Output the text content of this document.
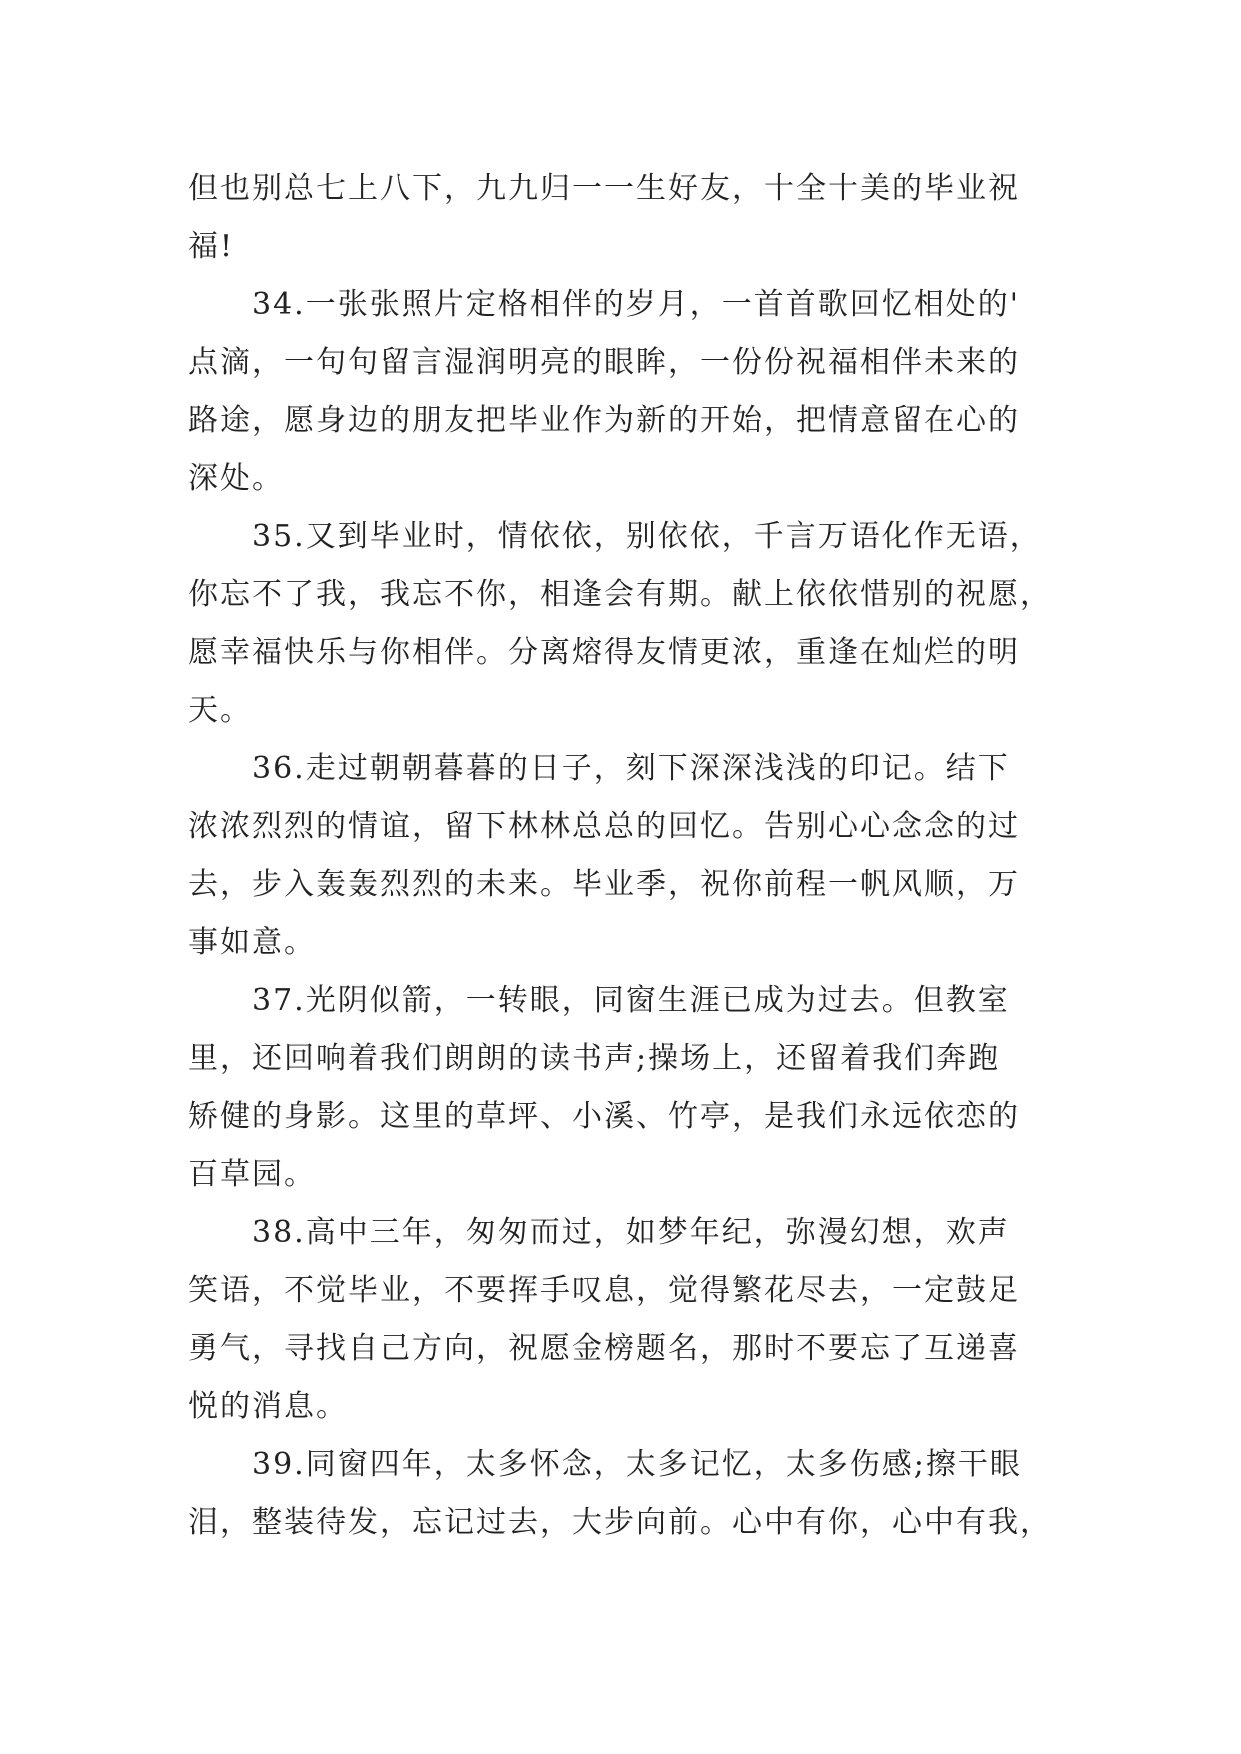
但也别总七上八下，九九归一一生好友，十全十美的毕业祝
福!
34.一张张照片定格相伴的岁月，一首首歌回忆相处的'
点滴，一句句留言湿润明亮的眼眸，一份份祝福相伴未来的
路途，愿身边的朋友把毕业作为新的开始，把情意留在心的
深处。
35.又到毕业时，情依依，别依依，千言万语化作无语，
你忘不了我，我忘不你，相逢会有期。献上依依惜别的祝愿，
愿幸福快乐与你相伴。分离熔得友情更浓，重逢在灿烂的明
天。
36.走过朝朝暮暮的日子，刻下深深浅浅的印记。结下
浓浓烈烈的情谊，留下林林总总的回忆。告别心心念念的过
去，步入轰轰烈烈的未来。毕业季，祝你前程一帆风顺，万
事如意。
37.光阴似箭，一转眼，同窗生涯已成为过去。但教室
里，还回响着我们朗朗的读书声;操场上，还留着我们奔跑
矫健的身影。这里的草坪、小溪、竹亭，是我们永远依恋的
百草园。
38.高中三年，匆匆而过，如梦年纪，弥漫幻想，欢声
笑语，不觉毕业，不要挥手叹息，觉得繁花尽去，一定鼓足
勇气，寻找自己方向，祝愿金榜题名，那时不要忘了互递喜
悦的消息。
39.同窗四年，太多怀念，太多记忆，太多伤感;擦干眼
泪，整装待发，忘记过去，大步向前。心中有你，心中有我，
